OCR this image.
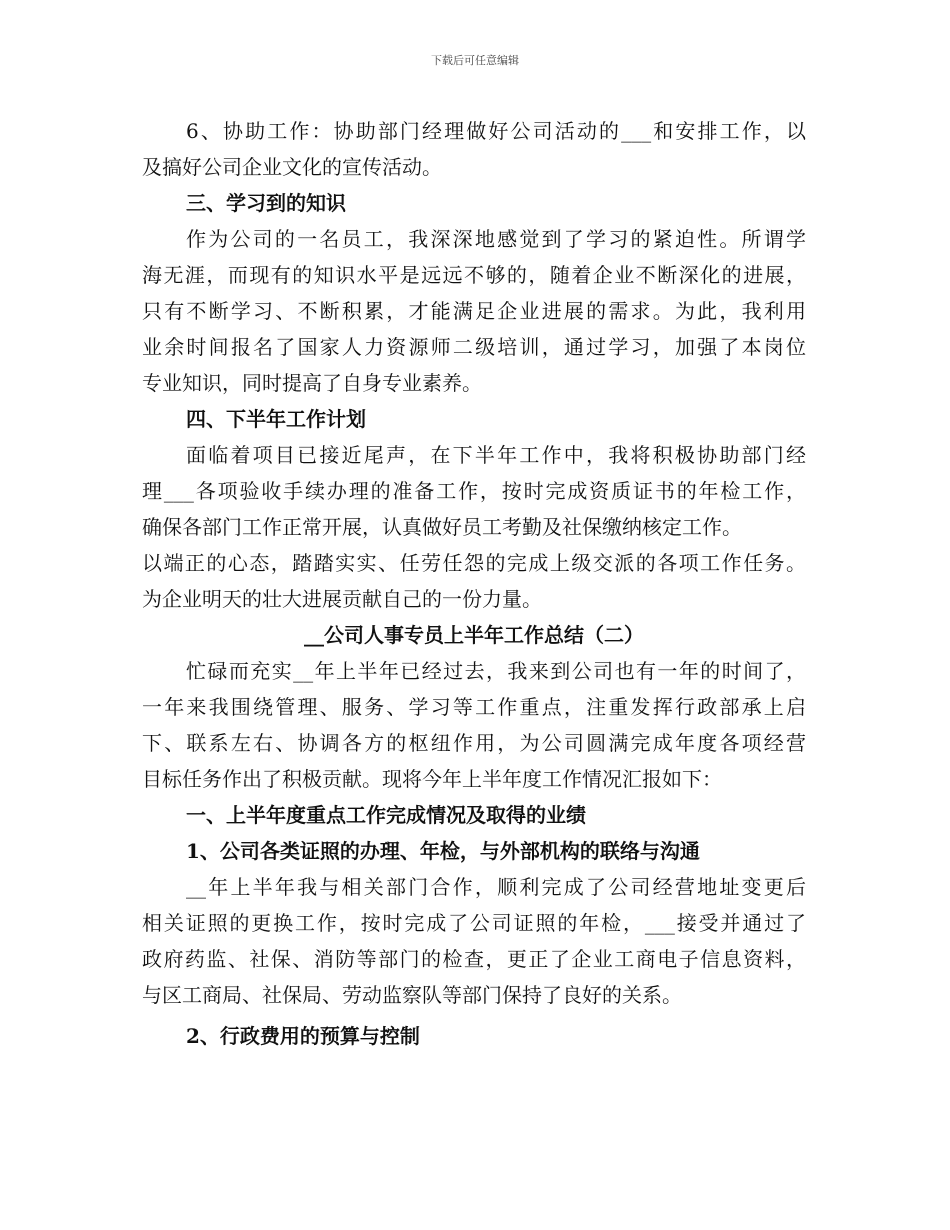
下载后可任意编辑

6、协助工作：协助部门经理做好公司活动的___和安排工作，以

及搞好公司企业文化的宣传活动。

三、学习到的知识

作为公司的一名员工，我深深地感觉到了学习的紧迫性。所谓学

海无涯，而现有的知识水平是远远不够的，随着企业不断深化的进展，

只有不断学习、不断积累，才能满足企业进展的需求。为此，我利用

业余时间报名了国家人力资源师二级培训，通过学习，加强了本岗位

专业知识，同时提高了自身专业素养。

四、下半年工作计划

面临着项目已接近尾声，在下半年工作中，我将积极协助部门经

理___各项验收手续办理的准备工作，按时完成资质证书的年检工作，

确保各部门工作正常开展，认真做好员工考勤及社保缴纳核定工作。

以端正的心态，踏踏实实、任劳任怨的完成上级交派的各项工作任务。

为企业明天的壮大进展贡献自己的一份力量。

__公司人事专员上半年工作总结（二）

忙碌而充实__年上半年已经过去，我来到公司也有一年的时间了，

一年来我围绕管理、服务、学习等工作重点，注重发挥行政部承上启

下、联系左右、协调各方的枢纽作用，为公司圆满完成年度各项经营

目标任务作出了积极贡献。现将今年上半年度工作情况汇报如下：

一、上半年度重点工作完成情况及取得的业绩

1、公司各类证照的办理、年检，与外部机构的联络与沟通

__年上半年我与相关部门合作，顺利完成了公司经营地址变更后

相关证照的更换工作，按时完成了公司证照的年检，___接受并通过了

政府药监、社保、消防等部门的检查，更正了企业工商电子信息资料，

与区工商局、社保局、劳动监察队等部门保持了良好的关系。

2、行政费用的预算与控制
